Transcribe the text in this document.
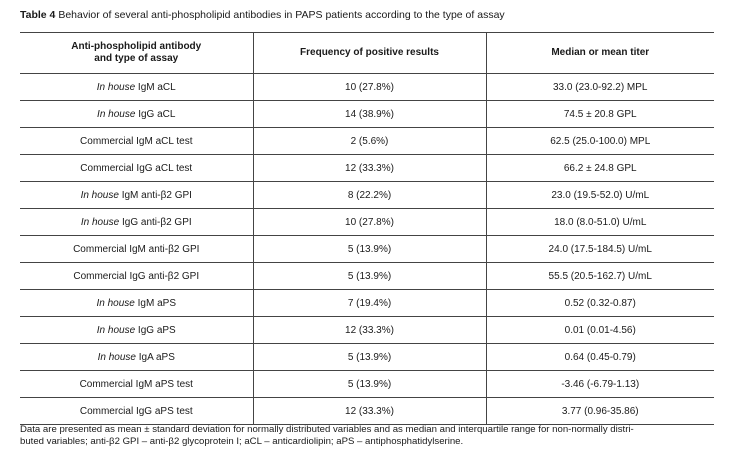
Table 4 Behavior of several anti-phospholipid antibodies in PAPS patients according to the type of assay
Anti-phospholipid antibody
and type of assay	Frequency of positive results	Median or mean titer
In house IgM aCL	10 (27.8%)	33.0 (23.0-92.2) MPL
In house IgG aCL	14 (38.9%)	74.5 ± 20.8 GPL
Commercial IgM aCL test	2 (5.6%)	62.5 (25.0-100.0) MPL
Commercial IgG aCL test	12 (33.3%)	66.2 ± 24.8 GPL
In house IgM anti-β2 GPI	8 (22.2%)	23.0 (19.5-52.0) U/mL
In house IgG anti-β2 GPI	10 (27.8%)	18.0 (8.0-51.0) U/mL
Commercial IgM anti-β2 GPI	5 (13.9%)	24.0 (17.5-184.5) U/mL
Commercial IgG anti-β2 GPI	5 (13.9%)	55.5 (20.5-162.7) U/mL
In house IgM aPS	7 (19.4%)	0.52 (0.32-0.87)
In house IgG aPS	12 (33.3%)	0.01 (0.01-4.56)
In house IgA aPS	5 (13.9%)	0.64 (0.45-0.79)
Commercial IgM aPS test	5 (13.9%)	-3.46 (-6.79-1.13)
Commercial IgG aPS test	12 (33.3%)	3.77 (0.96-35.86)
Data are presented as mean ± standard deviation for normally distributed variables and as median and interquartile range for non-normally distri-
buted variables; anti-β2 GPI – anti-β2 glycoprotein I; aCL – anticardiolipin; aPS – antiphosphatidylserine.
